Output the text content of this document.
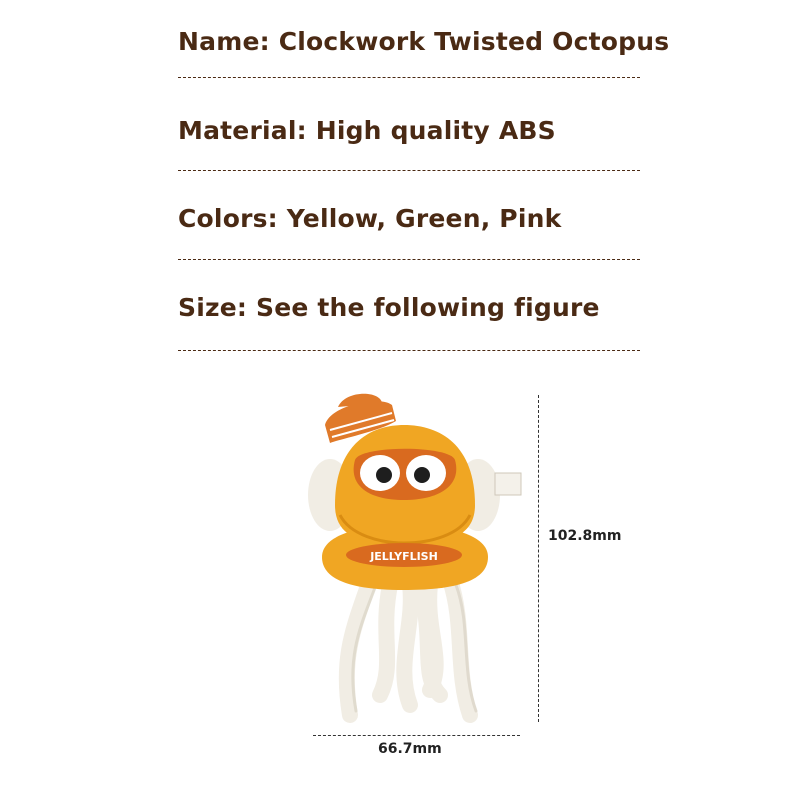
Name: Clockwork Twisted Octopus
Material: High quality ABS
Colors: Yellow, Green, Pink
Size: See the following figure
JELLYFLISH
102.8mm
66.7mm
